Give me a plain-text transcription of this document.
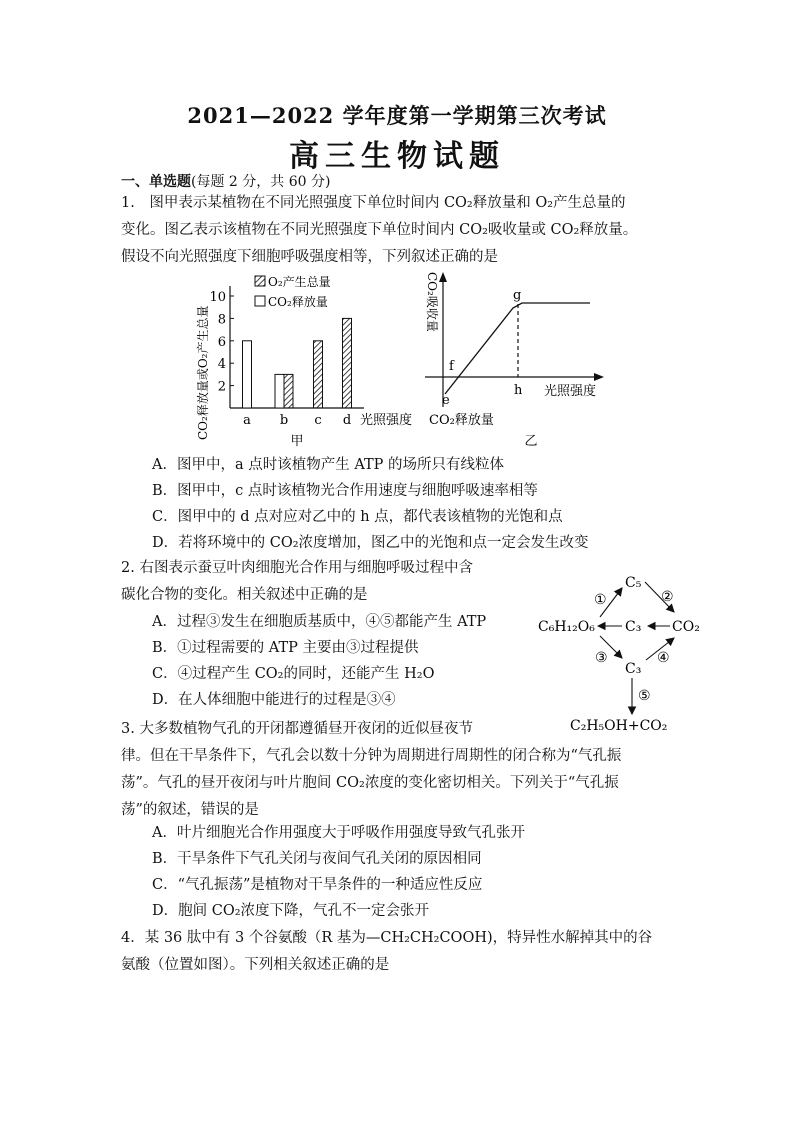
2021—2022 学年度第一学期第三次考试
高三生物试题
一、单选题(每题 2 分，共 60 分)
1.　图甲表示某植物在不同光照强度下单位时间内 CO₂释放量和 O₂产生总量的
变化。图乙表示该植物在不同光照强度下单位时间内 CO₂吸收量或 CO₂释放量。
假设不向光照强度下细胞呼吸强度相等，下列叙述正确的是
CO₂释放量或O₂产生总量
10
8
6
4
2
a b c d 光照强度
O₂产生总量
CO₂释放量
甲
CO₂吸收量	g
f
e
h 光照强度
CO₂释放量
乙
A．图甲中，a 点时该植物产生 ATP 的场所只有线粒体
B．图甲中，c 点时该植物光合作用速度与细胞呼吸速率相等
C．图甲中的 d 点对应对乙中的 h 点，都代表该植物的光饱和点
D．若将环境中的 CO₂浓度增加，图乙中的光饱和点一定会发生改变
2. 右图表示蚕豆叶肉细胞光合作用与细胞呼吸过程中含
碳化合物的变化。相关叙述中正确的是
A．过程③发生在细胞质基质中，④⑤都能产生 ATP
B．①过程需要的 ATP 主要由③过程提供
C．④过程产生 CO₂的同时，还能产生 H₂O
D．在人体细胞中能进行的过程是③④
C₅
C₃ CO₂
C₆H₁₂O₆
C₃
C₂H₅OH+CO₂
①	②
③	④
⑤
3. 大多数植物气孔的开闭都遵循昼开夜闭的近似昼夜节
律。但在干旱条件下，气孔会以数十分钟为周期进行周期性的闭合称为“气孔振
荡”。气孔的昼开夜闭与叶片胞间 CO₂浓度的变化密切相关。下列关于“气孔振
荡”的叙述，错误的是
A．叶片细胞光合作用强度大于呼吸作用强度导致气孔张开
B．干旱条件下气孔关闭与夜间气孔关闭的原因相同
C．“气孔振荡”是植物对干旱条件的一种适应性反应
D．胞间 CO₂浓度下降，气孔不一定会张开
4．某 36 肽中有 3 个谷氨酸（R 基为—CH₂CH₂COOH)，特异性水解掉其中的谷
氨酸（位置如图）。下列相关叙述正确的是
